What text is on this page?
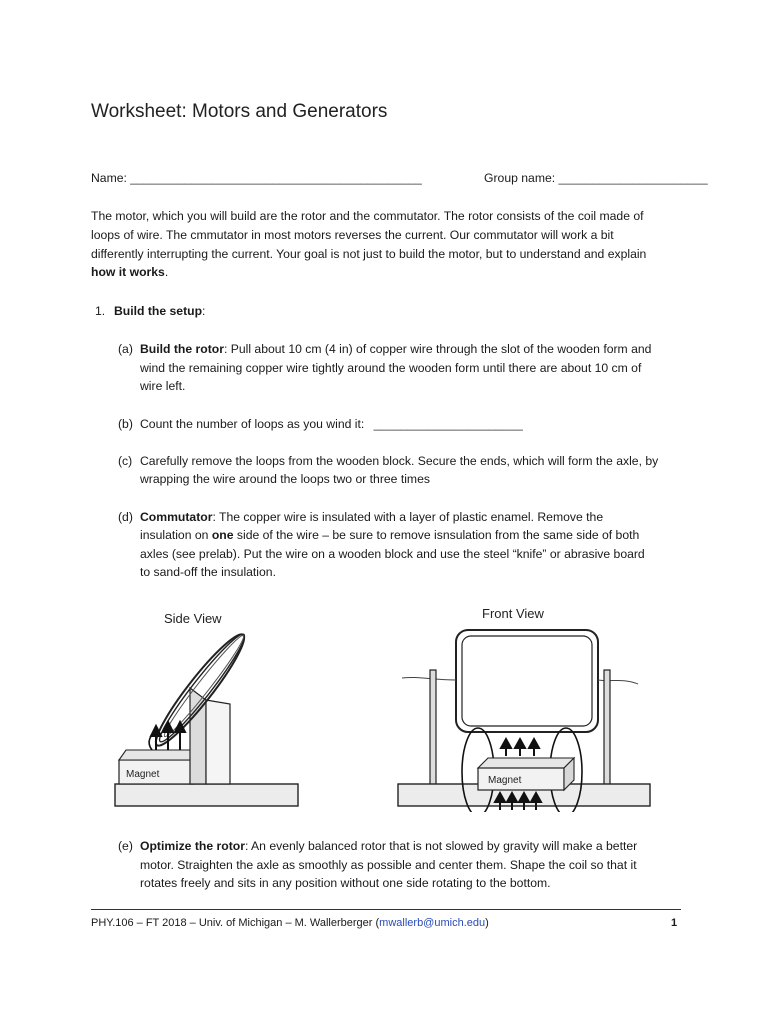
Worksheet: Motors and Generators
Name: ___________________________________________	Group name: ______________________
The motor, which you will build are the rotor and the commutator. The rotor consists of the coil made of
loops of wire. The cmmutator in most motors reverses the current. Our commutator will work a bit
differently interrupting the current. Your goal is not just to build the motor, but to understand and explain
how it works.
1. Build the setup:
(a) Build the rotor: Pull about 10 cm (4 in) of copper wire through the slot of the wooden form and
wind the remaining copper wire tightly around the wooden form until there are about 10 cm of
wire left.
(b) Count the number of loops as you wind it: ______________________
(c) Carefully remove the loops from the wooden block. Secure the ends, which will form the axle, by
wrapping the wire around the loops two or three times
(d) Commutator: The copper wire is insulated with a layer of plastic enamel. Remove the
insulation on one side of the wire – be sure to remove isnsulation from the same side of both
axles (see prelab). Put the wire on a wooden block and use the steel “knife” or abrasive board
to sand-off the insulation.
Side View
Magnet
Front View
Magnet
(e) Optimize the rotor: An evenly balanced rotor that is not slowed by gravity will make a better
motor. Straighten the axle as smoothly as possible and center them. Shape the coil so that it
rotates freely and sits in any position without one side rotating to the bottom.
PHY.106 – FT 2018 – Univ. of Michigan – M. Wallerberger (mwallerb@umich.edu)	1
